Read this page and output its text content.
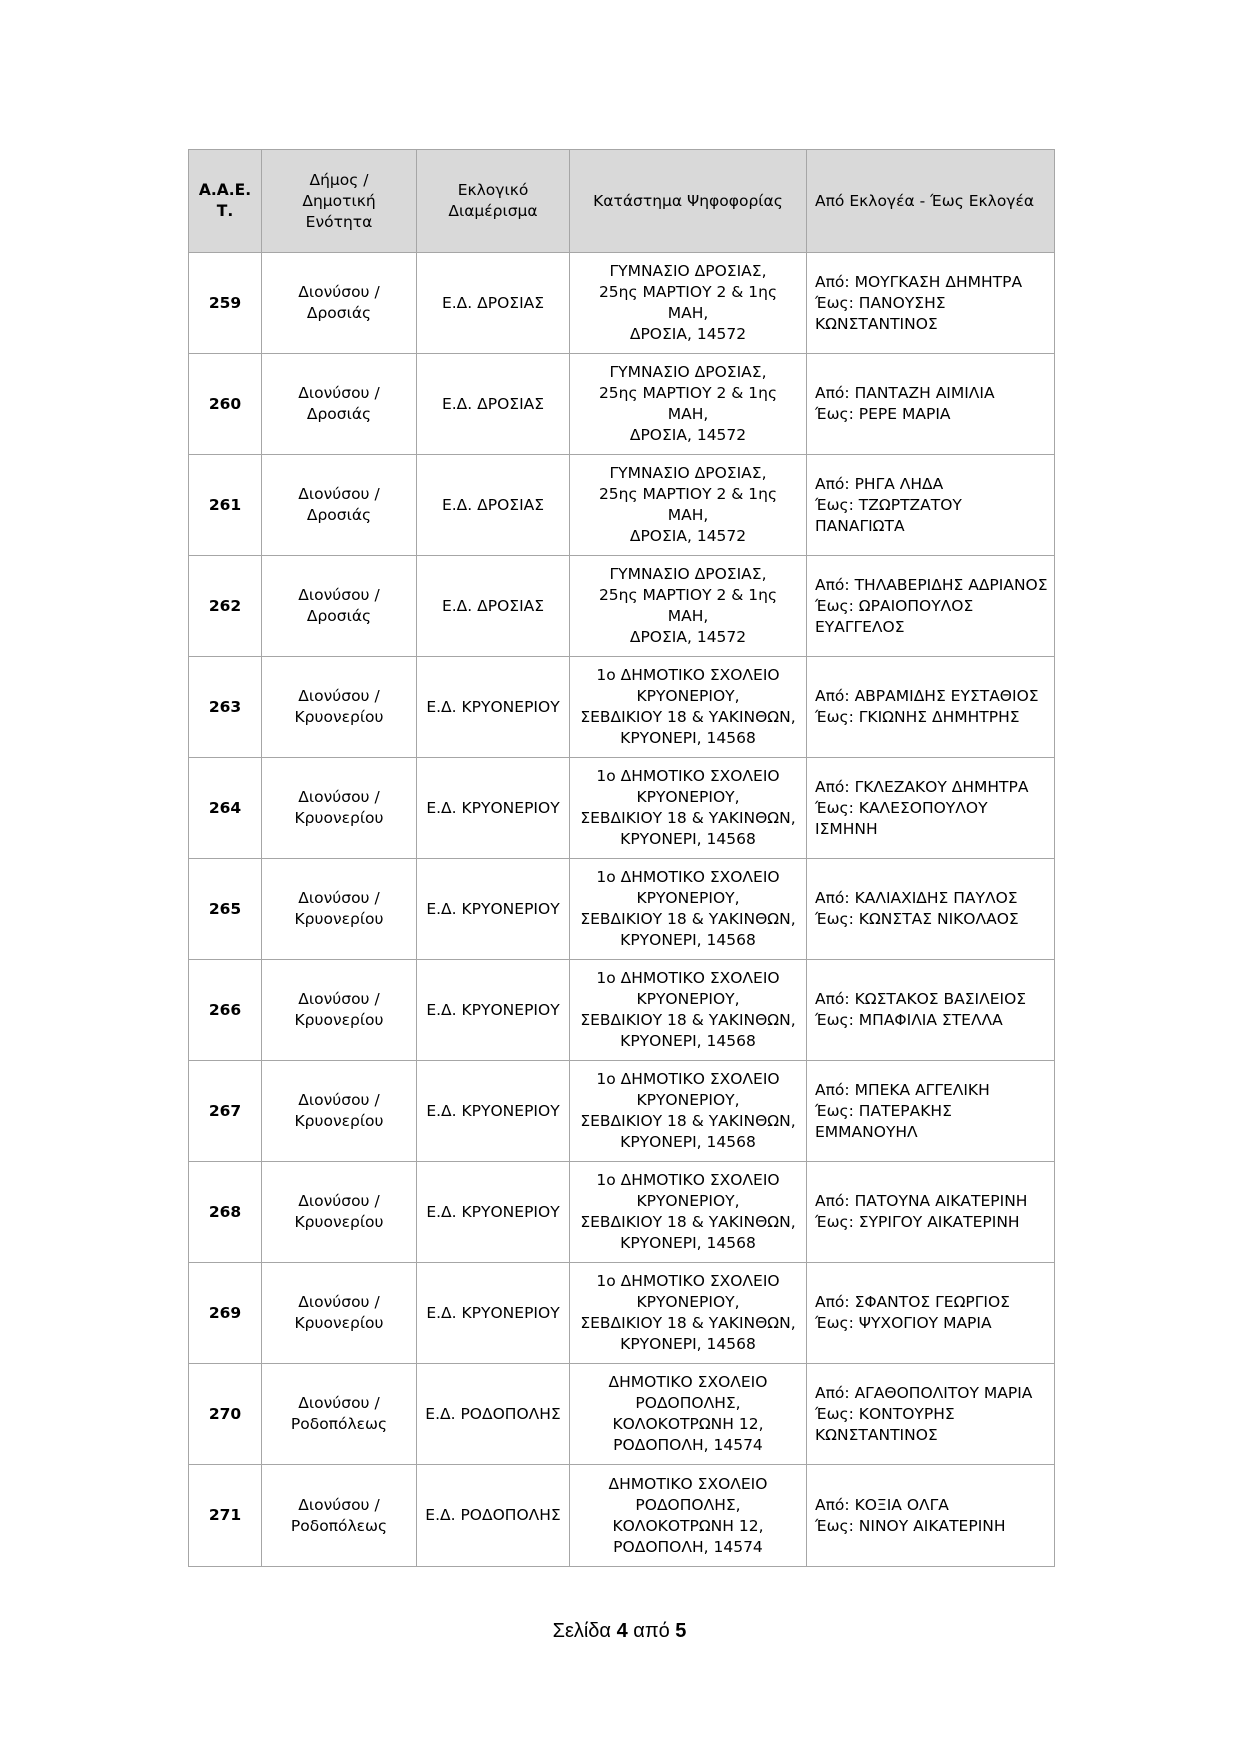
Α.Α.Ε.
Τ.	Δήμος /
Δημοτική Ενότητα	Εκλογικό
Διαμέρισμα	Κατάστημα Ψηφοφορίας	Από Εκλογέα - Έως Εκλογέα

259	Διονύσου /
Δροσιάς	Ε.Δ. ΔΡΟΣΙΑΣ	ΓΥΜΝΑΣΙΟ ΔΡΟΣΙΑΣ,
25ης ΜΑΡΤΙΟΥ 2 & 1ης ΜΑΗ,
ΔΡΟΣΙΑ, 14572	Από: ΜΟΥΓΚΑΣΗ ΔΗΜΗΤΡΑ
Έως: ΠΑΝΟΥΣΗΣ
ΚΩΝΣΤΑΝΤΙΝΟΣ

260	Διονύσου /
Δροσιάς	Ε.Δ. ΔΡΟΣΙΑΣ	ΓΥΜΝΑΣΙΟ ΔΡΟΣΙΑΣ,
25ης ΜΑΡΤΙΟΥ 2 & 1ης ΜΑΗ,
ΔΡΟΣΙΑ, 14572	Από: ΠΑΝΤΑΖΗ ΑΙΜΙΛΙΑ
Έως: ΡΕΡΕ ΜΑΡΙΑ

261	Διονύσου /
Δροσιάς	Ε.Δ. ΔΡΟΣΙΑΣ	ΓΥΜΝΑΣΙΟ ΔΡΟΣΙΑΣ,
25ης ΜΑΡΤΙΟΥ 2 & 1ης ΜΑΗ,
ΔΡΟΣΙΑ, 14572	Από: ΡΗΓΑ ΛΗΔΑ
Έως: ΤΖΩΡΤΖΑΤΟΥ
ΠΑΝΑΓΙΩΤΑ

262	Διονύσου /
Δροσιάς	Ε.Δ. ΔΡΟΣΙΑΣ	ΓΥΜΝΑΣΙΟ ΔΡΟΣΙΑΣ,
25ης ΜΑΡΤΙΟΥ 2 & 1ης ΜΑΗ,
ΔΡΟΣΙΑ, 14572	Από: ΤΗΛΑΒΕΡΙΔΗΣ ΑΔΡΙΑΝΟΣ
Έως: ΩΡΑΙΟΠΟΥΛΟΣ
ΕΥΑΓΓΕΛΟΣ

263	Διονύσου /
Κρυονερίου	Ε.Δ. ΚΡΥΟΝΕΡΙΟΥ	1ο ΔΗΜΟΤΙΚΟ ΣΧΟΛΕΙΟ
ΚΡΥΟΝΕΡΙΟΥ,
ΣΕΒΔΙΚΙΟΥ 18 & ΥΑΚΙΝΘΩΝ,
ΚΡΥΟΝΕΡΙ, 14568	Από: ΑΒΡΑΜΙΔΗΣ ΕΥΣΤΑΘΙΟΣ
Έως: ΓΚΙΩΝΗΣ ΔΗΜΗΤΡΗΣ

264	Διονύσου /
Κρυονερίου	Ε.Δ. ΚΡΥΟΝΕΡΙΟΥ	1ο ΔΗΜΟΤΙΚΟ ΣΧΟΛΕΙΟ
ΚΡΥΟΝΕΡΙΟΥ,
ΣΕΒΔΙΚΙΟΥ 18 & ΥΑΚΙΝΘΩΝ,
ΚΡΥΟΝΕΡΙ, 14568	Από: ΓΚΛΕΖΑΚΟΥ ΔΗΜΗΤΡΑ
Έως: ΚΑΛΕΣΟΠΟΥΛΟΥ
ΙΣΜΗΝΗ

265	Διονύσου /
Κρυονερίου	Ε.Δ. ΚΡΥΟΝΕΡΙΟΥ	1ο ΔΗΜΟΤΙΚΟ ΣΧΟΛΕΙΟ
ΚΡΥΟΝΕΡΙΟΥ,
ΣΕΒΔΙΚΙΟΥ 18 & ΥΑΚΙΝΘΩΝ,
ΚΡΥΟΝΕΡΙ, 14568	Από: ΚΑΛΙΑΧΙΔΗΣ ΠΑΥΛΟΣ
Έως: ΚΩΝΣΤΑΣ ΝΙΚΟΛΑΟΣ

266	Διονύσου /
Κρυονερίου	Ε.Δ. ΚΡΥΟΝΕΡΙΟΥ	1ο ΔΗΜΟΤΙΚΟ ΣΧΟΛΕΙΟ
ΚΡΥΟΝΕΡΙΟΥ,
ΣΕΒΔΙΚΙΟΥ 18 & ΥΑΚΙΝΘΩΝ,
ΚΡΥΟΝΕΡΙ, 14568	Από: ΚΩΣΤΑΚΟΣ ΒΑΣΙΛΕΙΟΣ
Έως: ΜΠΑΦΙΛΙΑ ΣΤΕΛΛΑ

267	Διονύσου /
Κρυονερίου	Ε.Δ. ΚΡΥΟΝΕΡΙΟΥ	1ο ΔΗΜΟΤΙΚΟ ΣΧΟΛΕΙΟ
ΚΡΥΟΝΕΡΙΟΥ,
ΣΕΒΔΙΚΙΟΥ 18 & ΥΑΚΙΝΘΩΝ,
ΚΡΥΟΝΕΡΙ, 14568	Από: ΜΠΕΚΑ ΑΓΓΕΛΙΚΗ
Έως: ΠΑΤΕΡΑΚΗΣ
ΕΜΜΑΝΟΥΗΛ

268	Διονύσου /
Κρυονερίου	Ε.Δ. ΚΡΥΟΝΕΡΙΟΥ	1ο ΔΗΜΟΤΙΚΟ ΣΧΟΛΕΙΟ
ΚΡΥΟΝΕΡΙΟΥ,
ΣΕΒΔΙΚΙΟΥ 18 & ΥΑΚΙΝΘΩΝ,
ΚΡΥΟΝΕΡΙ, 14568	Από: ΠΑΤΟΥΝΑ ΑΙΚΑΤΕΡΙΝΗ
Έως: ΣΥΡΙΓΟΥ ΑΙΚΑΤΕΡΙΝΗ

269	Διονύσου /
Κρυονερίου	Ε.Δ. ΚΡΥΟΝΕΡΙΟΥ	1ο ΔΗΜΟΤΙΚΟ ΣΧΟΛΕΙΟ
ΚΡΥΟΝΕΡΙΟΥ,
ΣΕΒΔΙΚΙΟΥ 18 & ΥΑΚΙΝΘΩΝ,
ΚΡΥΟΝΕΡΙ, 14568	Από: ΣΦΑΝΤΟΣ ΓΕΩΡΓΙΟΣ
Έως: ΨΥΧΟΓΙΟΥ ΜΑΡΙΑ

270	Διονύσου /
Ροδοπόλεως	Ε.Δ. ΡΟΔΟΠΟΛΗΣ	ΔΗΜΟΤΙΚΟ ΣΧΟΛΕΙΟ
ΡΟΔΟΠΟΛΗΣ,
ΚΟΛΟΚΟΤΡΩΝΗ 12,
ΡΟΔΟΠΟΛΗ, 14574	Από: ΑΓΑΘΟΠΟΛΙΤΟΥ ΜΑΡΙΑ
Έως: ΚΟΝΤΟΥΡΗΣ
ΚΩΝΣΤΑΝΤΙΝΟΣ

271	Διονύσου /
Ροδοπόλεως	Ε.Δ. ΡΟΔΟΠΟΛΗΣ	ΔΗΜΟΤΙΚΟ ΣΧΟΛΕΙΟ
ΡΟΔΟΠΟΛΗΣ,
ΚΟΛΟΚΟΤΡΩΝΗ 12,
ΡΟΔΟΠΟΛΗ, 14574	Από: ΚΟΞΙΑ ΟΛΓΑ
Έως: ΝΙΝΟΥ ΑΙΚΑΤΕΡΙΝΗ
Σελίδα 4 από 5
